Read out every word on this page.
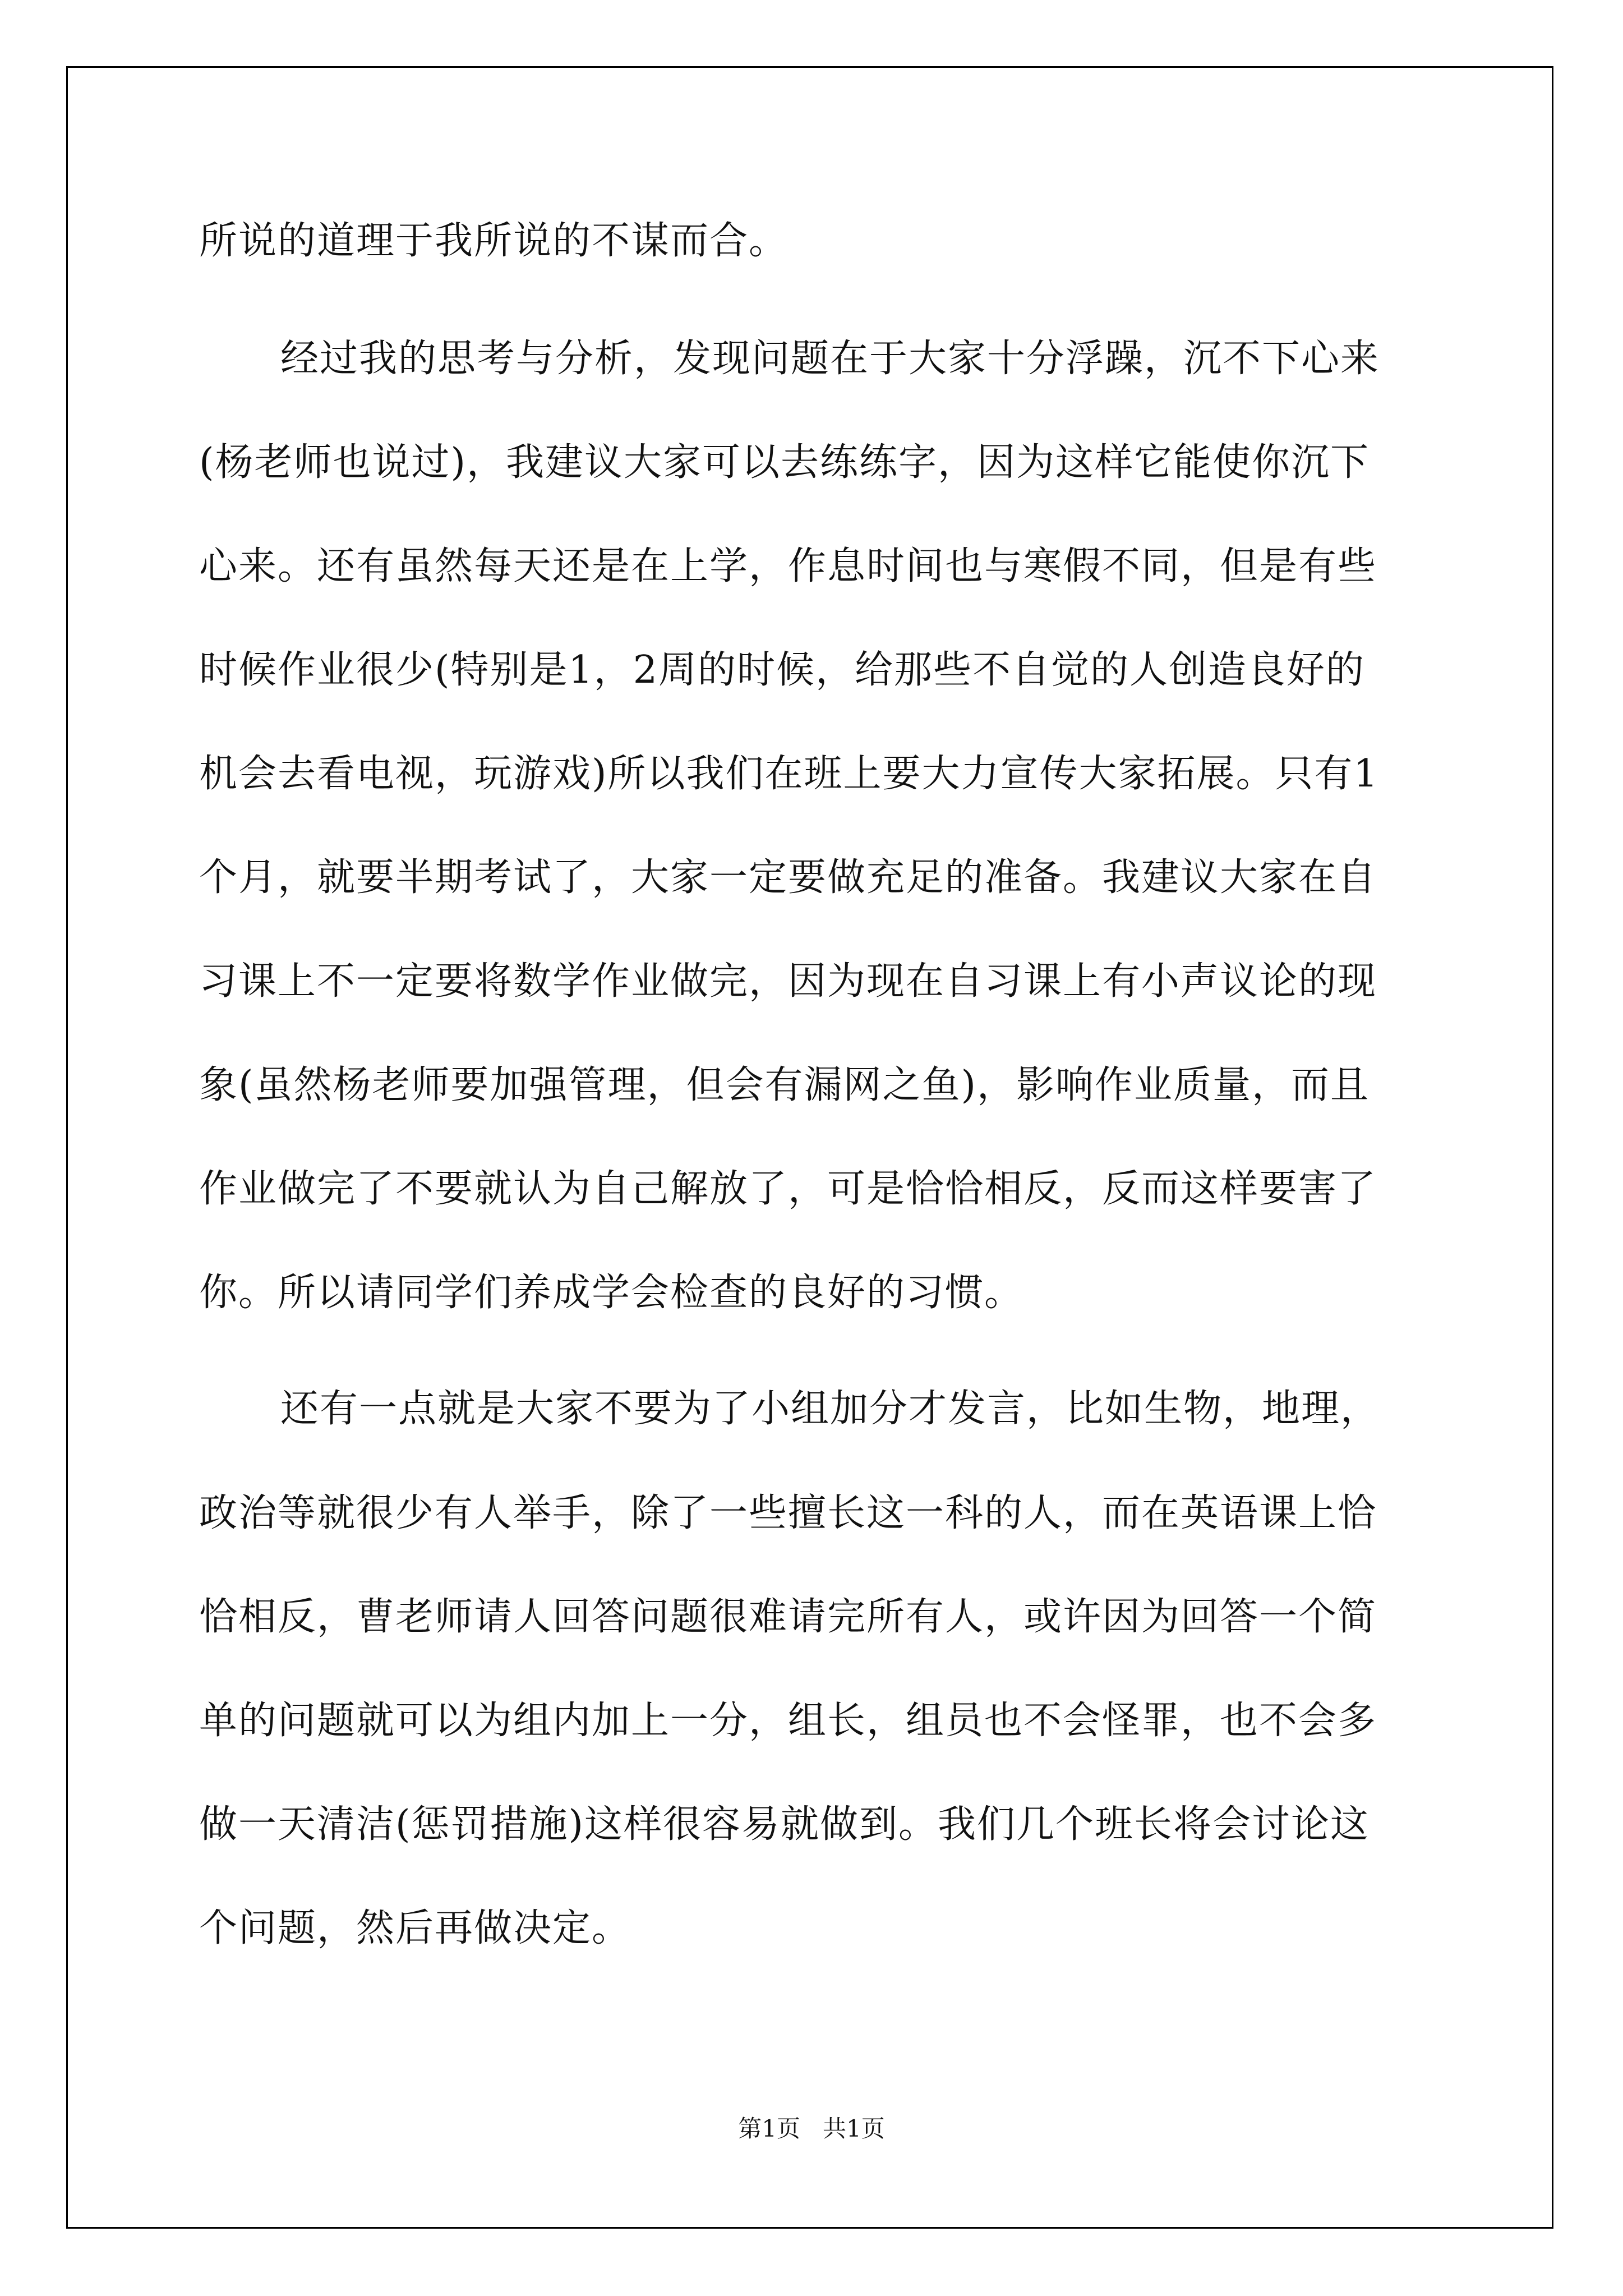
所说的道理于我所说的不谋而合。
经过我的思考与分析，发现问题在于大家十分浮躁，沉不下心来
(杨老师也说过)，我建议大家可以去练练字，因为这样它能使你沉下
心来。还有虽然每天还是在上学，作息时间也与寒假不同，但是有些
时候作业很少(特别是1，2周的时候，给那些不自觉的人创造良好的
机会去看电视，玩游戏)所以我们在班上要大力宣传大家拓展。只有1
个月，就要半期考试了，大家一定要做充足的准备。我建议大家在自
习课上不一定要将数学作业做完，因为现在自习课上有小声议论的现
象(虽然杨老师要加强管理，但会有漏网之鱼)，影响作业质量，而且
作业做完了不要就认为自己解放了，可是恰恰相反，反而这样要害了
你。所以请同学们养成学会检查的良好的习惯。
还有一点就是大家不要为了小组加分才发言，比如生物，地理，
政治等就很少有人举手，除了一些擅长这一科的人，而在英语课上恰
恰相反，曹老师请人回答问题很难请完所有人，或许因为回答一个简
单的问题就可以为组内加上一分，组长，组员也不会怪罪，也不会多
做一天清洁(惩罚措施)这样很容易就做到。我们几个班长将会讨论这
个问题，然后再做决定。
第1页   共1页
